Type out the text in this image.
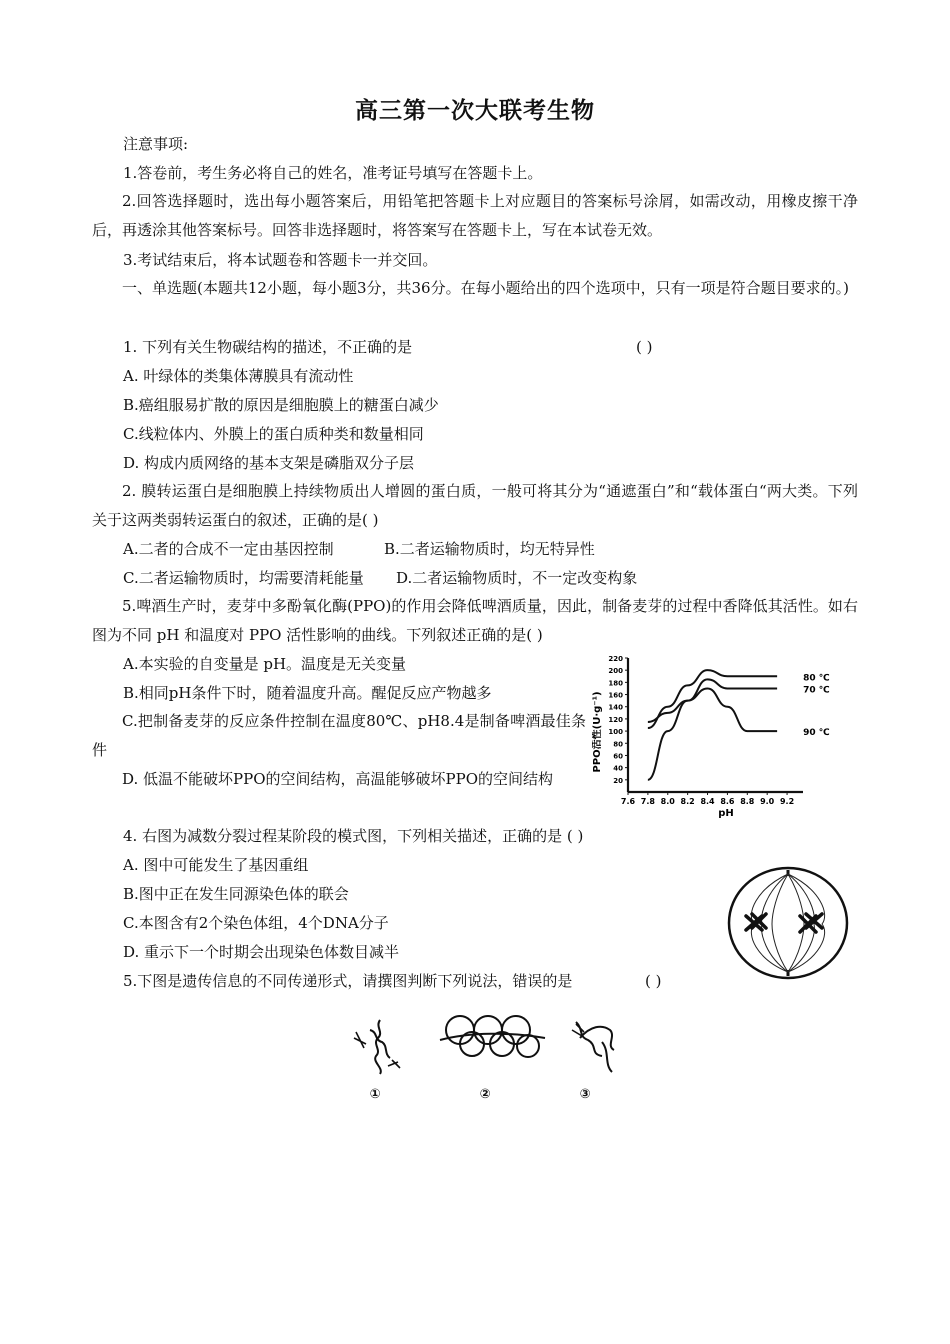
高三第一次大联考生物
注意事项:
1.答卷前，考生务必将自己的姓名，准考证号填写在答题卡上。
2.回答选择题时，选出每小题答案后，用铅笔把答题卡上对应题目的答案标号涂屑，如需改动，用橡皮擦干净后，再透涂其他答案标号。回答非选择题时，将答案写在答题卡上，写在本试卷无效。
3.考试结束后，将本试题卷和答题卡一并交回。
一、单选题(本题共12小题，每小题3分，共36分。在每小题给出的四个选项中，只有一项是符合题目要求的。)
1. 下列有关生物碳结构的描述，不正确的是	( )
A. 叶绿体的类集体薄膜具有流动性
B.癌组服易扩散的原因是细胞膜上的糖蛋白减少
C.线粒体内、外膜上的蛋白质种类和数量相同
D. 构成内质网络的基本支架是磷脂双分子层
2. 膜转运蛋白是细胞膜上持续物质出人增圆的蛋白质，一般可将其分为“通遮蛋白”和“载体蛋白“两大类。下列关于这两类弱转运蛋白的叙述，正确的是( )
A.二者的合成不一定由基因控制	B.二者运输物质时，均无特异性
C.二者运输物质时，均需要清耗能量 D.二者运输物质时，不一定改变构象
5.啤酒生产时，麦芽中多酚氧化酶(PPO)的作用会降低啤酒质量，因此，制备麦芽的过程中香降低其活性。如右图为不同 pH 和温度对 PPO 活性影响的曲线。下列叙述正确的是( )
A.本实验的自变量是 pH。温度是无关变量
B.相同pH条件下时，随着温度升高。醒促反应产物越多
C.把制备麦芽的反应条件控制在温度80℃、pH8.4是制备啤酒最佳条件
D. 低温不能破坏PPO的空间结构，高温能够破坏PPO的空间结构
220
200
180
160
140
120
100
80
60
40
20
7.6 7.8 8.0 8.2 8.4 8.6 8.8 9.0 9.2
80 ℃
70 ℃
90 ℃
PPO活性(U·g⁻¹)
pH
4. 右图为减数分裂过程某阶段的模式图，下列相关描述，正确的是 ( )
A. 图中可能发生了基因重组
B.图中正在发生同源染色体的联会
C.本图含有2个染色体组，4个DNA分子
D. 重示下一个时期会出现染色体数目减半
5.下图是遗传信息的不同传递形式，请撰图判断下列说法，错误的是	( )
①	②	③
